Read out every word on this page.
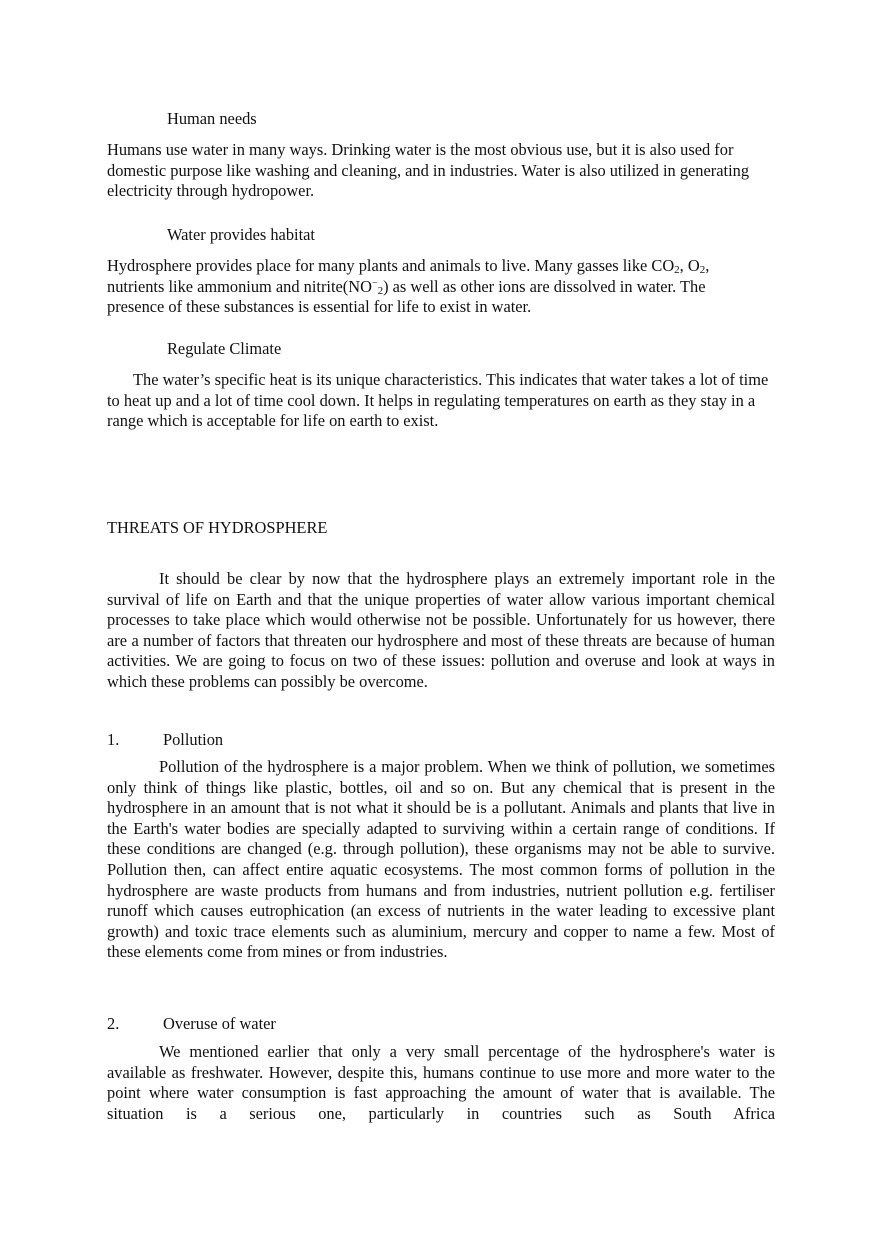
Human needs

Humans use water in many ways. Drinking water is the most obvious use, but it is also used for domestic purpose like washing and cleaning, and in industries. Water is also utilized in generating electricity through hydropower.

Water provides habitat

Hydrosphere provides place for many plants and animals to live. Many gasses like $CO_2$, $O_2$,
nutrients like ammonium and $nitrite(NO^-_2)$ as well as other ions are dissolved in water. The
presence of these substances is essential for life to exist in water.

Regulate Climate

The water’s specific heat is its unique characteristics. This indicates that water takes a lot of time to heat up and a lot of time cool down. It helps in regulating temperatures on earth as they stay in a range which is acceptable for life on earth to exist.

THREATS OF HYDROSPHERE

It should be clear by now that the hydrosphere plays an extremely important role in the survival of life on Earth and that the unique properties of water allow various important chemical processes to take place which would otherwise not be possible. Unfortunately for us however, there are a number of factors that threaten our hydrosphere and most of these threats are because of human activities. We are going to focus on two of these issues: pollution and overuse and look at ways in which these problems can possibly be overcome.

1.	Pollution

Pollution of the hydrosphere is a major problem. When we think of pollution, we sometimes only think of things like plastic, bottles, oil and so on. But any chemical that is present in the hydrosphere in an amount that is not what it should be is a pollutant. Animals and plants that live in the Earth's water bodies are specially adapted to surviving within a certain range of conditions. If these conditions are changed (e.g. through pollution), these organisms may not be able to survive. Pollution then, can affect entire aquatic ecosystems. The most common forms of pollution in the hydrosphere are waste products from humans and from industries, nutrient pollution e.g. fertiliser runoff which causes eutrophication (an excess of nutrients in the water leading to excessive plant growth) and toxic trace elements such as aluminium, mercury and copper to name a few. Most of these elements come from mines or from industries.

2.	Overuse of water

We mentioned earlier that only a very small percentage of the hydrosphere's water is available as freshwater. However, despite this, humans continue to use more and more water to the point where water consumption is fast approaching the amount of water that is available. The situation is a serious one, particularly in countries such as South Africa
